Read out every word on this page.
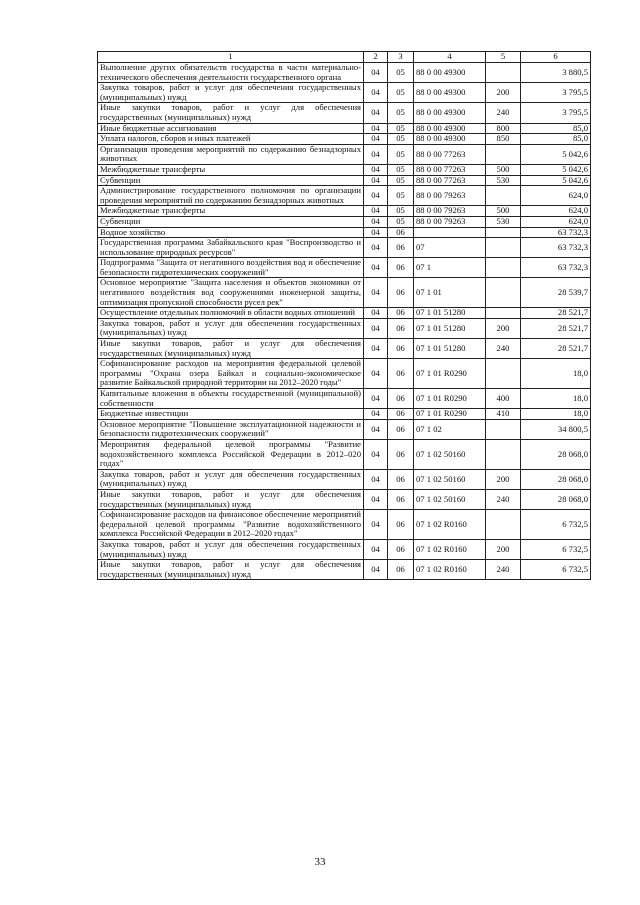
1	2	3	4	5	6
Выполнение других обязательств государства в части материально-технического обеспечения деятельности государственного органа	04	05	88 0 00 49300		3 880,5
Закупка товаров, работ и услуг для обеспечения государственных (муниципальных) нужд	04	05	88 0 00 49300	200	3 795,5
Иные закупки товаров, работ и услуг для обеспечения государственных (муниципальных) нужд	04	05	88 0 00 49300	240	3 795,5
Иные бюджетные ассигнования	04	05	88 0 00 49300	800	85,0
Уплата налогов, сборов и иных платежей	04	05	88 0 00 49300	850	85,0
Организация проведения мероприятий по содержанию безнадзорных животных	04	05	88 0 00 77263		5 042,6
Межбюджетные трансферты	04	05	88 0 00 77263	500	5 042,6
Субвенции	04	05	88 0 00 77263	530	5 042,6
Администрирование государственного полномочия по организации проведения мероприятий по содержанию безнадзорных животных	04	05	88 0 00 79263		624,0
Межбюджетные трансферты	04	05	88 0 00 79263	500	624,0
Субвенции	04	05	88 0 00 79263	530	624,0
Водное хозяйство	04	06			63 732,3
Государственная программа Забайкальского края "Воспроизводство и использование природных ресурсов"	04	06	07		63 732,3
Подпрограмма "Защита от негативного воздействия вод и обеспечение безопасности гидротехнических сооружений"	04	06	07 1		63 732,3
Основное мероприятие "Защита населения и объектов экономики от негативного воздействия вод сооружениями инженерной защиты, оптимизация пропускной способности русел рек"	04	06	07 1 01		28 539,7
Осуществление отдельных полномочий в области водных отношений	04	06	07 1 01 51280		28 521,7
Закупка товаров, работ и услуг для обеспечения государственных (муниципальных) нужд	04	06	07 1 01 51280	200	28 521,7
Иные закупки товаров, работ и услуг для обеспечения государственных (муниципальных) нужд	04	06	07 1 01 51280	240	28 521,7
Софинансирование расходов на мероприятия федеральной целевой программы "Охрана озера Байкал и социально-экономическое развитие Байкальской природной территории на 2012–2020 годы"	04	06	07 1 01 R0290		18,0
Капитальные вложения в объекты государственной (муниципальной) собственности	04	06	07 1 01 R0290	400	18,0
Бюджетные инвестиции	04	06	07 1 01 R0290	410	18,0
Основное мероприятие "Повышение эксплуатационной надежности и безопасности гидротехнических сооружений"	04	06	07 1 02		34 800,5
Мероприятия федеральной целевой программы "Развитие водохозяйственного комплекса Российской Федерации в 2012–020 годах"	04	06	07 1 02 50160		28 068,0
Закупка товаров, работ и услуг для обеспечения государственных (муниципальных) нужд	04	06	07 1 02 50160	200	28 068,0
Иные закупки товаров, работ и услуг для обеспечения государственных (муниципальных) нужд	04	06	07 1 02 50160	240	28 068,0
Софинансирование расходов на финансовое обеспечение мероприятий федеральной целевой программы "Развитие водохозяйственного комплекса Российской Федерации в 2012–2020 годах"	04	06	07 1 02 R0160		6 732,5
Закупка товаров, работ и услуг для обеспечения государственных (муниципальных) нужд	04	06	07 1 02 R0160	200	6 732,5
Иные закупки товаров, работ и услуг для обеспечения государственных (муниципальных) нужд	04	06	07 1 02 R0160	240	6 732,5
33
